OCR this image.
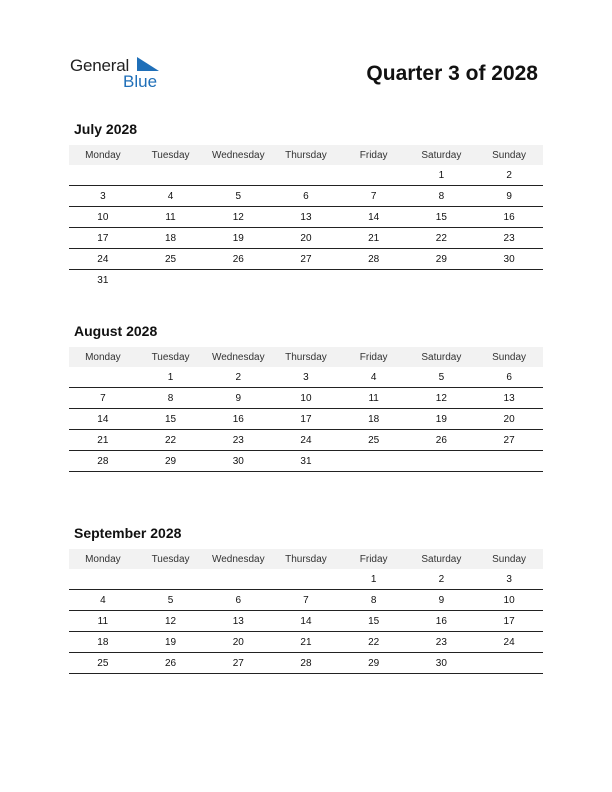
General
Blue	Quarter 3 of 2028
July 2028
Monday	Tuesday	Wednesday	Thursday	Friday	Saturday	Sunday
					1	2
3	4	5	6	7	8	9
10	11	12	13	14	15	16
17	18	19	20	21	22	23
24	25	26	27	28	29	30
31						
August 2028
Monday	Tuesday	Wednesday	Thursday	Friday	Saturday	Sunday
	1	2	3	4	5	6
7	8	9	10	11	12	13
14	15	16	17	18	19	20
21	22	23	24	25	26	27
28	29	30	31			
September 2028
Monday	Tuesday	Wednesday	Thursday	Friday	Saturday	Sunday
				1	2	3
4	5	6	7	8	9	10
11	12	13	14	15	16	17
18	19	20	21	22	23	24
25	26	27	28	29	30	
